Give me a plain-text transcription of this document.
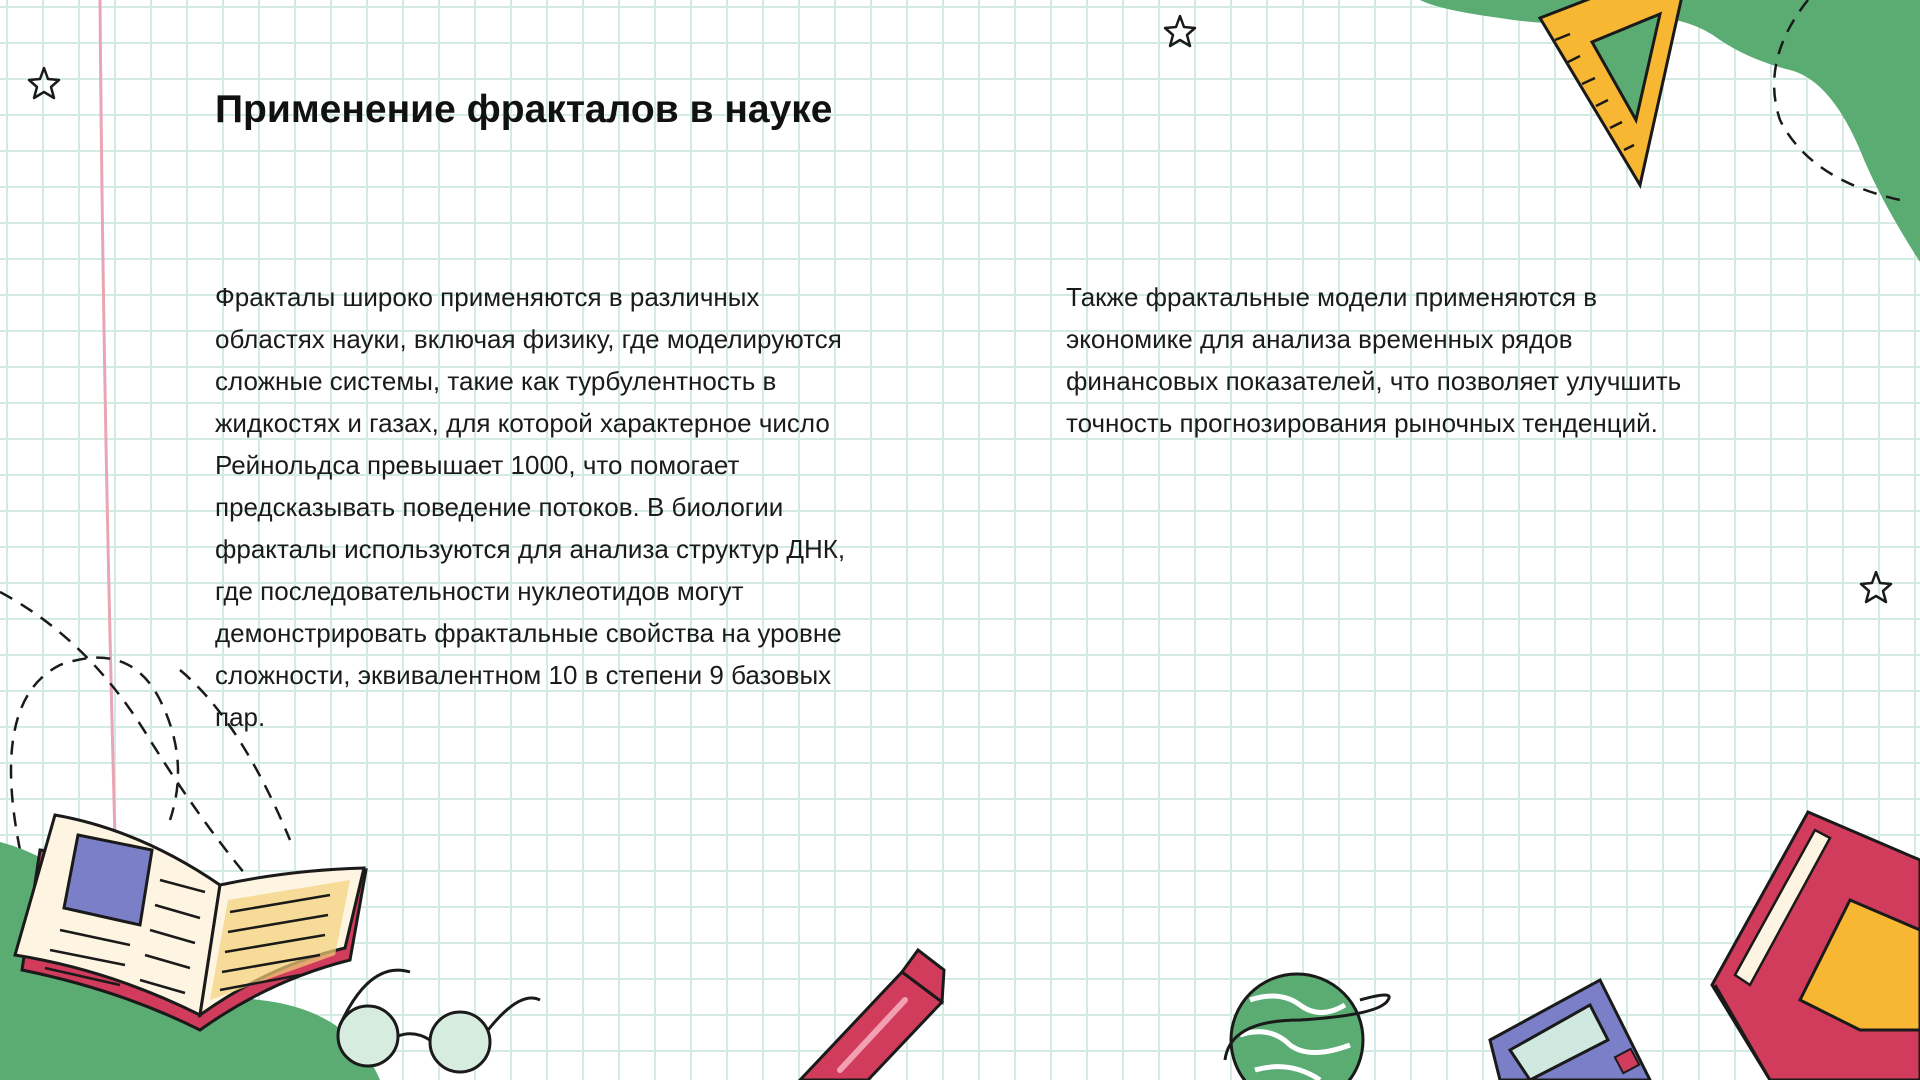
Применение фракталов в науке

Фракталы широко применяются в различных областях науки, включая физику, где моделируются сложные системы, такие как турбулентность в жидкостях и газах, для которой характерное число Рейнольдса превышает 1000, что помогает предсказывать поведение потоков. В биологии фракталы используются для анализа структур ДНК, где последовательности нуклеотидов могут демонстрировать фрактальные свойства на уровне сложности, эквивалентном 10 в степени 9 базовых пар.

Также фрактальные модели применяются в экономике для анализа временных рядов финансовых показателей, что позволяет улучшить точность прогнозирования рыночных тенденций.
